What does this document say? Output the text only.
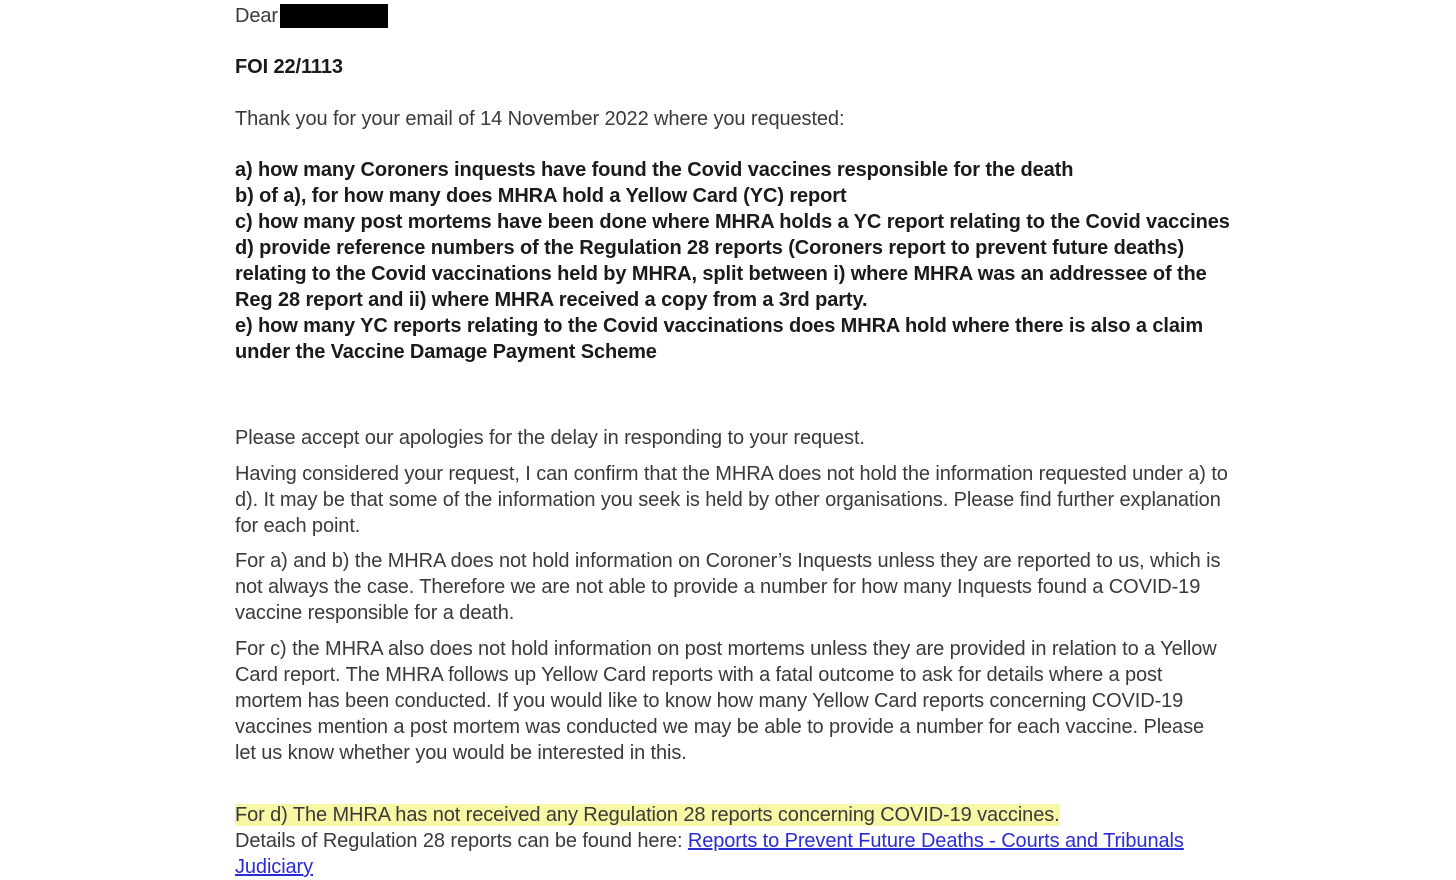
Dear
FOI 22/1113
Thank you for your email of 14 November 2022 where you requested:

a) how many Coroners inquests have found the Covid vaccines responsible for the death

b) of a), for how many does MHRA hold a Yellow Card (YC) report

c) how many post mortems have been done where MHRA holds a YC report relating to the Covid vaccines

d) provide reference numbers of the Regulation 28 reports (Coroners report to prevent future deaths) relating to the Covid vaccinations held by MHRA, split between i) where MHRA was an addressee of the Reg 28 report and ii) where MHRA received a copy from a 3rd party.

e) how many YC reports relating to the Covid vaccinations does MHRA hold where there is also a claim under the Vaccine Damage Payment Scheme

Please accept our apologies for the delay in responding to your request.

Having considered your request, I can confirm that the MHRA does not hold the information requested under a) to d). It may be that some of the information you seek is held by other organisations. Please find further explanation for each point.

For a) and b) the MHRA does not hold information on Coroner’s Inquests unless they are reported to us, which is not always the case. Therefore we are not able to provide a number for how many Inquests found a COVID-19 vaccine responsible for a death.

For c) the MHRA also does not hold information on post mortems unless they are provided in relation to a Yellow Card report. The MHRA follows up Yellow Card reports with a fatal outcome to ask for details where a post mortem has been conducted. If you would like to know how many Yellow Card reports concerning COVID-19 vaccines mention a post mortem was conducted we may be able to provide a number for each vaccine. Please let us know whether you would be interested in this.

For d) The MHRA has not received any Regulation 28 reports concerning COVID-19 vaccines.

Details of Regulation 28 reports can be found here: Reports to Prevent Future Deaths - Courts and Tribunals Judiciary
